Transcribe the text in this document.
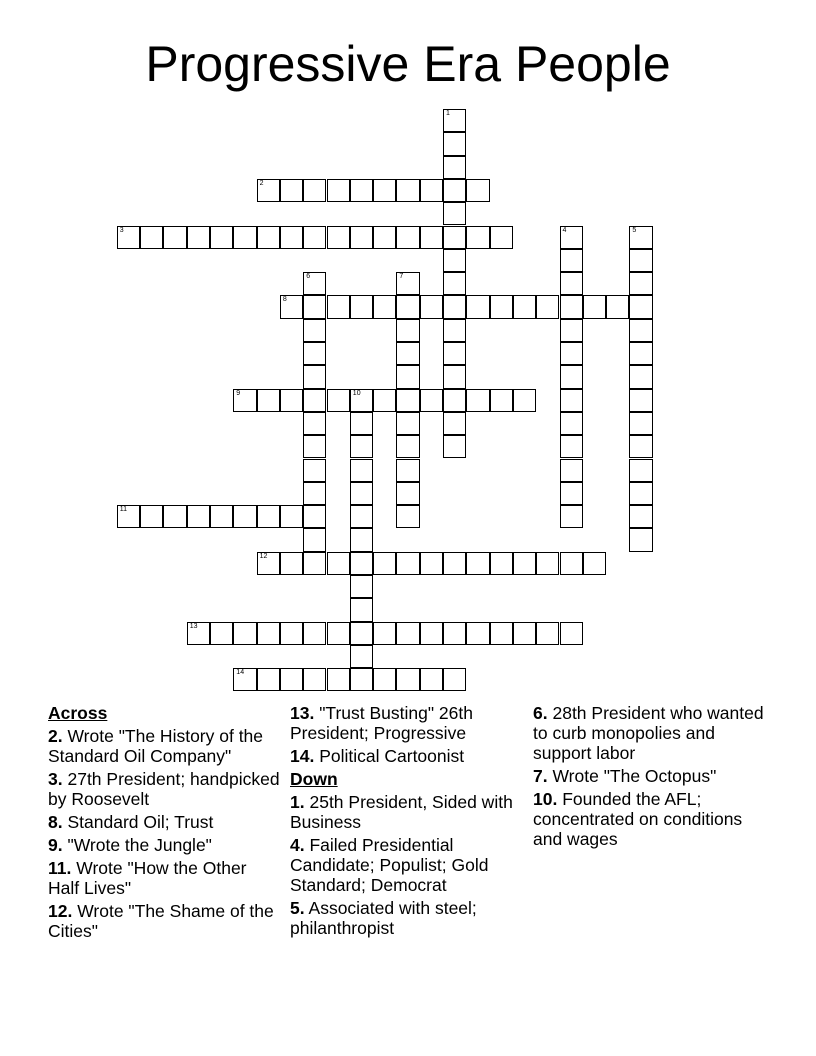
Progressive Era People
1
2
3	4	5
6	7
8
9	10
11
12
13
14
Across
2. Wrote "The History of the Standard Oil Company"
3. 27th President; handpicked by Roosevelt
8. Standard Oil; Trust
9. "Wrote the Jungle"
11. Wrote "How the Other Half Lives"
12. Wrote "The Shame of the Cities"
13. "Trust Busting" 26th President; Progressive
14. Political Cartoonist
Down
1. 25th President, Sided with Business
4. Failed Presidential Candidate; Populist; Gold Standard; Democrat
5. Associated with steel; philanthropist
6. 28th President who wanted to curb monopolies and support labor
7. Wrote "The Octopus"
10. Founded the AFL; concentrated on conditions and wages
